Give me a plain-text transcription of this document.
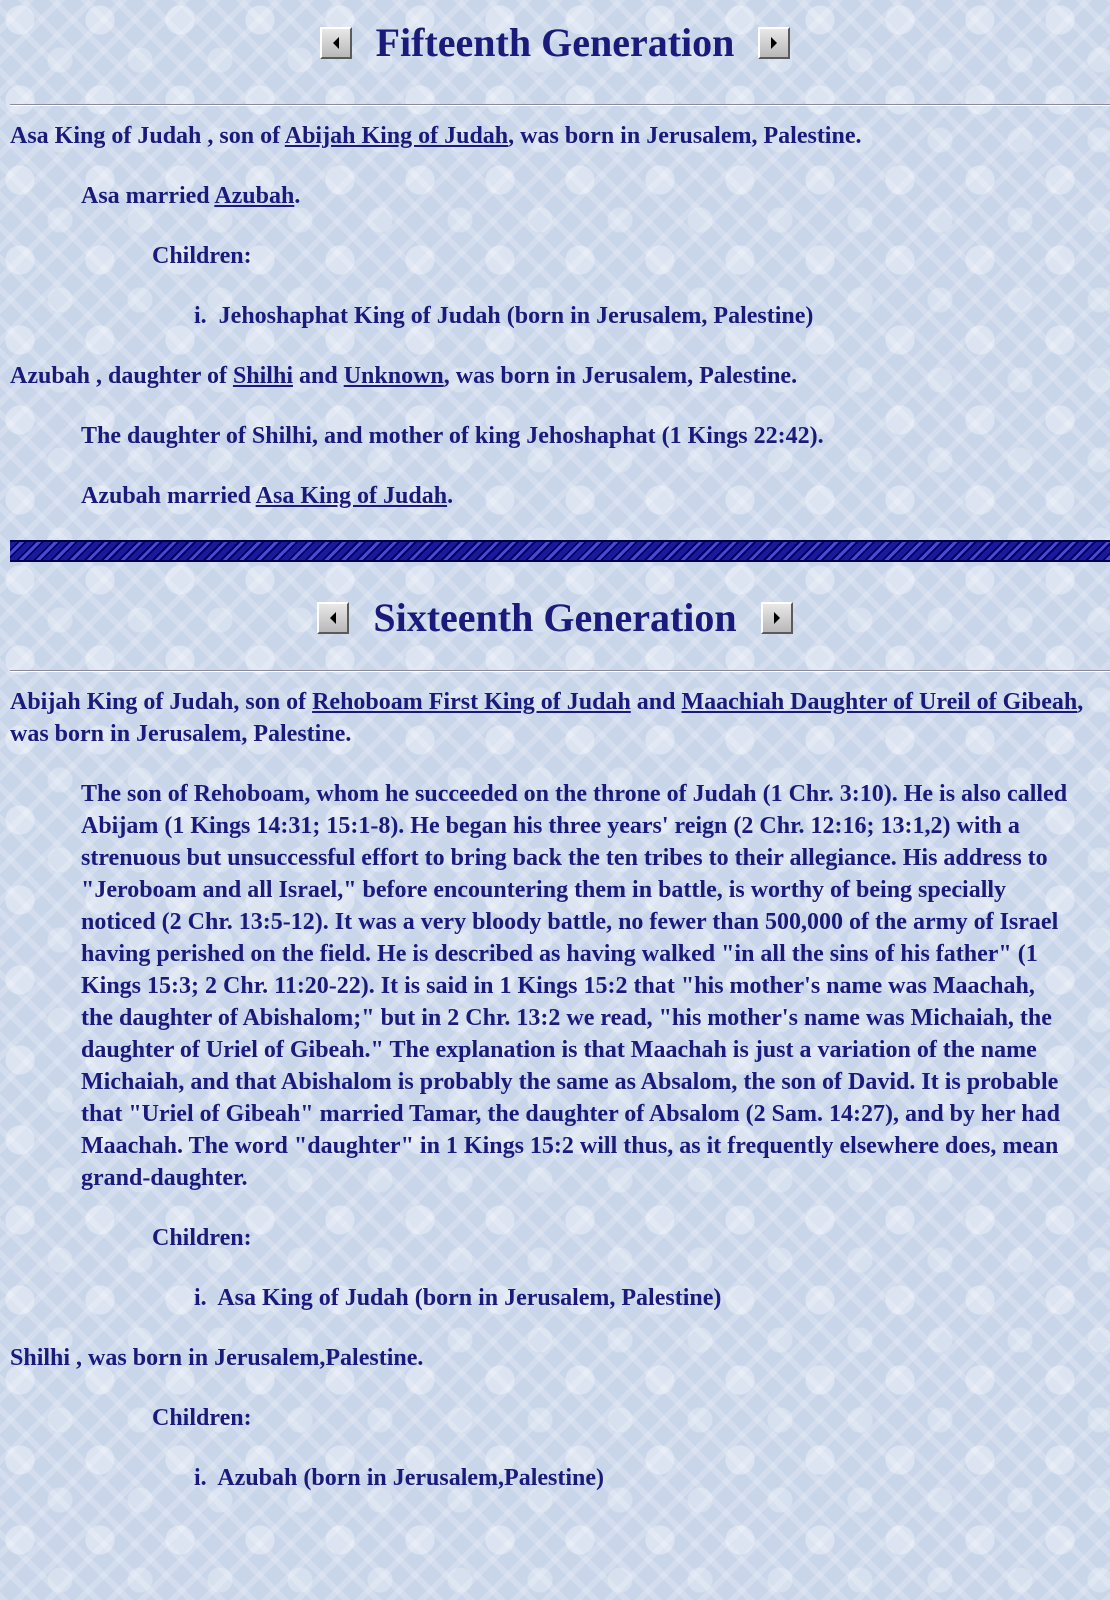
Fifteenth Generation
Asa King of Judah , son of Abijah King of Judah, was born in Jerusalem, Palestine.
Asa married Azubah.
Children:
i.  Jehoshaphat King of Judah (born in Jerusalem, Palestine)
Azubah , daughter of Shilhi and Unknown, was born in Jerusalem, Palestine.
The daughter of Shilhi, and mother of king Jehoshaphat (1 Kings 22:42).
Azubah married Asa King of Judah.
Sixteenth Generation
Abijah King of Judah, son of Rehoboam First King of Judah and Maachiah Daughter of Ureil of Gibeah, was born in Jerusalem, Palestine.
The son of Rehoboam, whom he succeeded on the throne of Judah (1 Chr. 3:10). He is also called Abijam (1 Kings 14:31; 15:1-8). He began his three years' reign (2 Chr. 12:16; 13:1,2) with a strenuous but unsuccessful effort to bring back the ten tribes to their allegiance. His address to "Jeroboam and all Israel," before encountering them in battle, is worthy of being specially noticed (2 Chr. 13:5-12). It was a very bloody battle, no fewer than 500,000 of the army of Israel having perished on the field. He is described as having walked "in all the sins of his father" (1 Kings 15:3; 2 Chr. 11:20-22). It is said in 1 Kings 15:2 that "his mother's name was Maachah, the daughter of Abishalom;" but in 2 Chr. 13:2 we read, "his mother's name was Michaiah, the daughter of Uriel of Gibeah." The explanation is that Maachah is just a variation of the name Michaiah, and that Abishalom is probably the same as Absalom, the son of David. It is probable that "Uriel of Gibeah" married Tamar, the daughter of Absalom (2 Sam. 14:27), and by her had Maachah. The word "daughter" in 1 Kings 15:2 will thus, as it frequently elsewhere does, mean grand-daughter.
Children:
i.  Asa King of Judah (born in Jerusalem, Palestine)
Shilhi , was born in Jerusalem,Palestine.
Children:
i.  Azubah (born in Jerusalem,Palestine)
